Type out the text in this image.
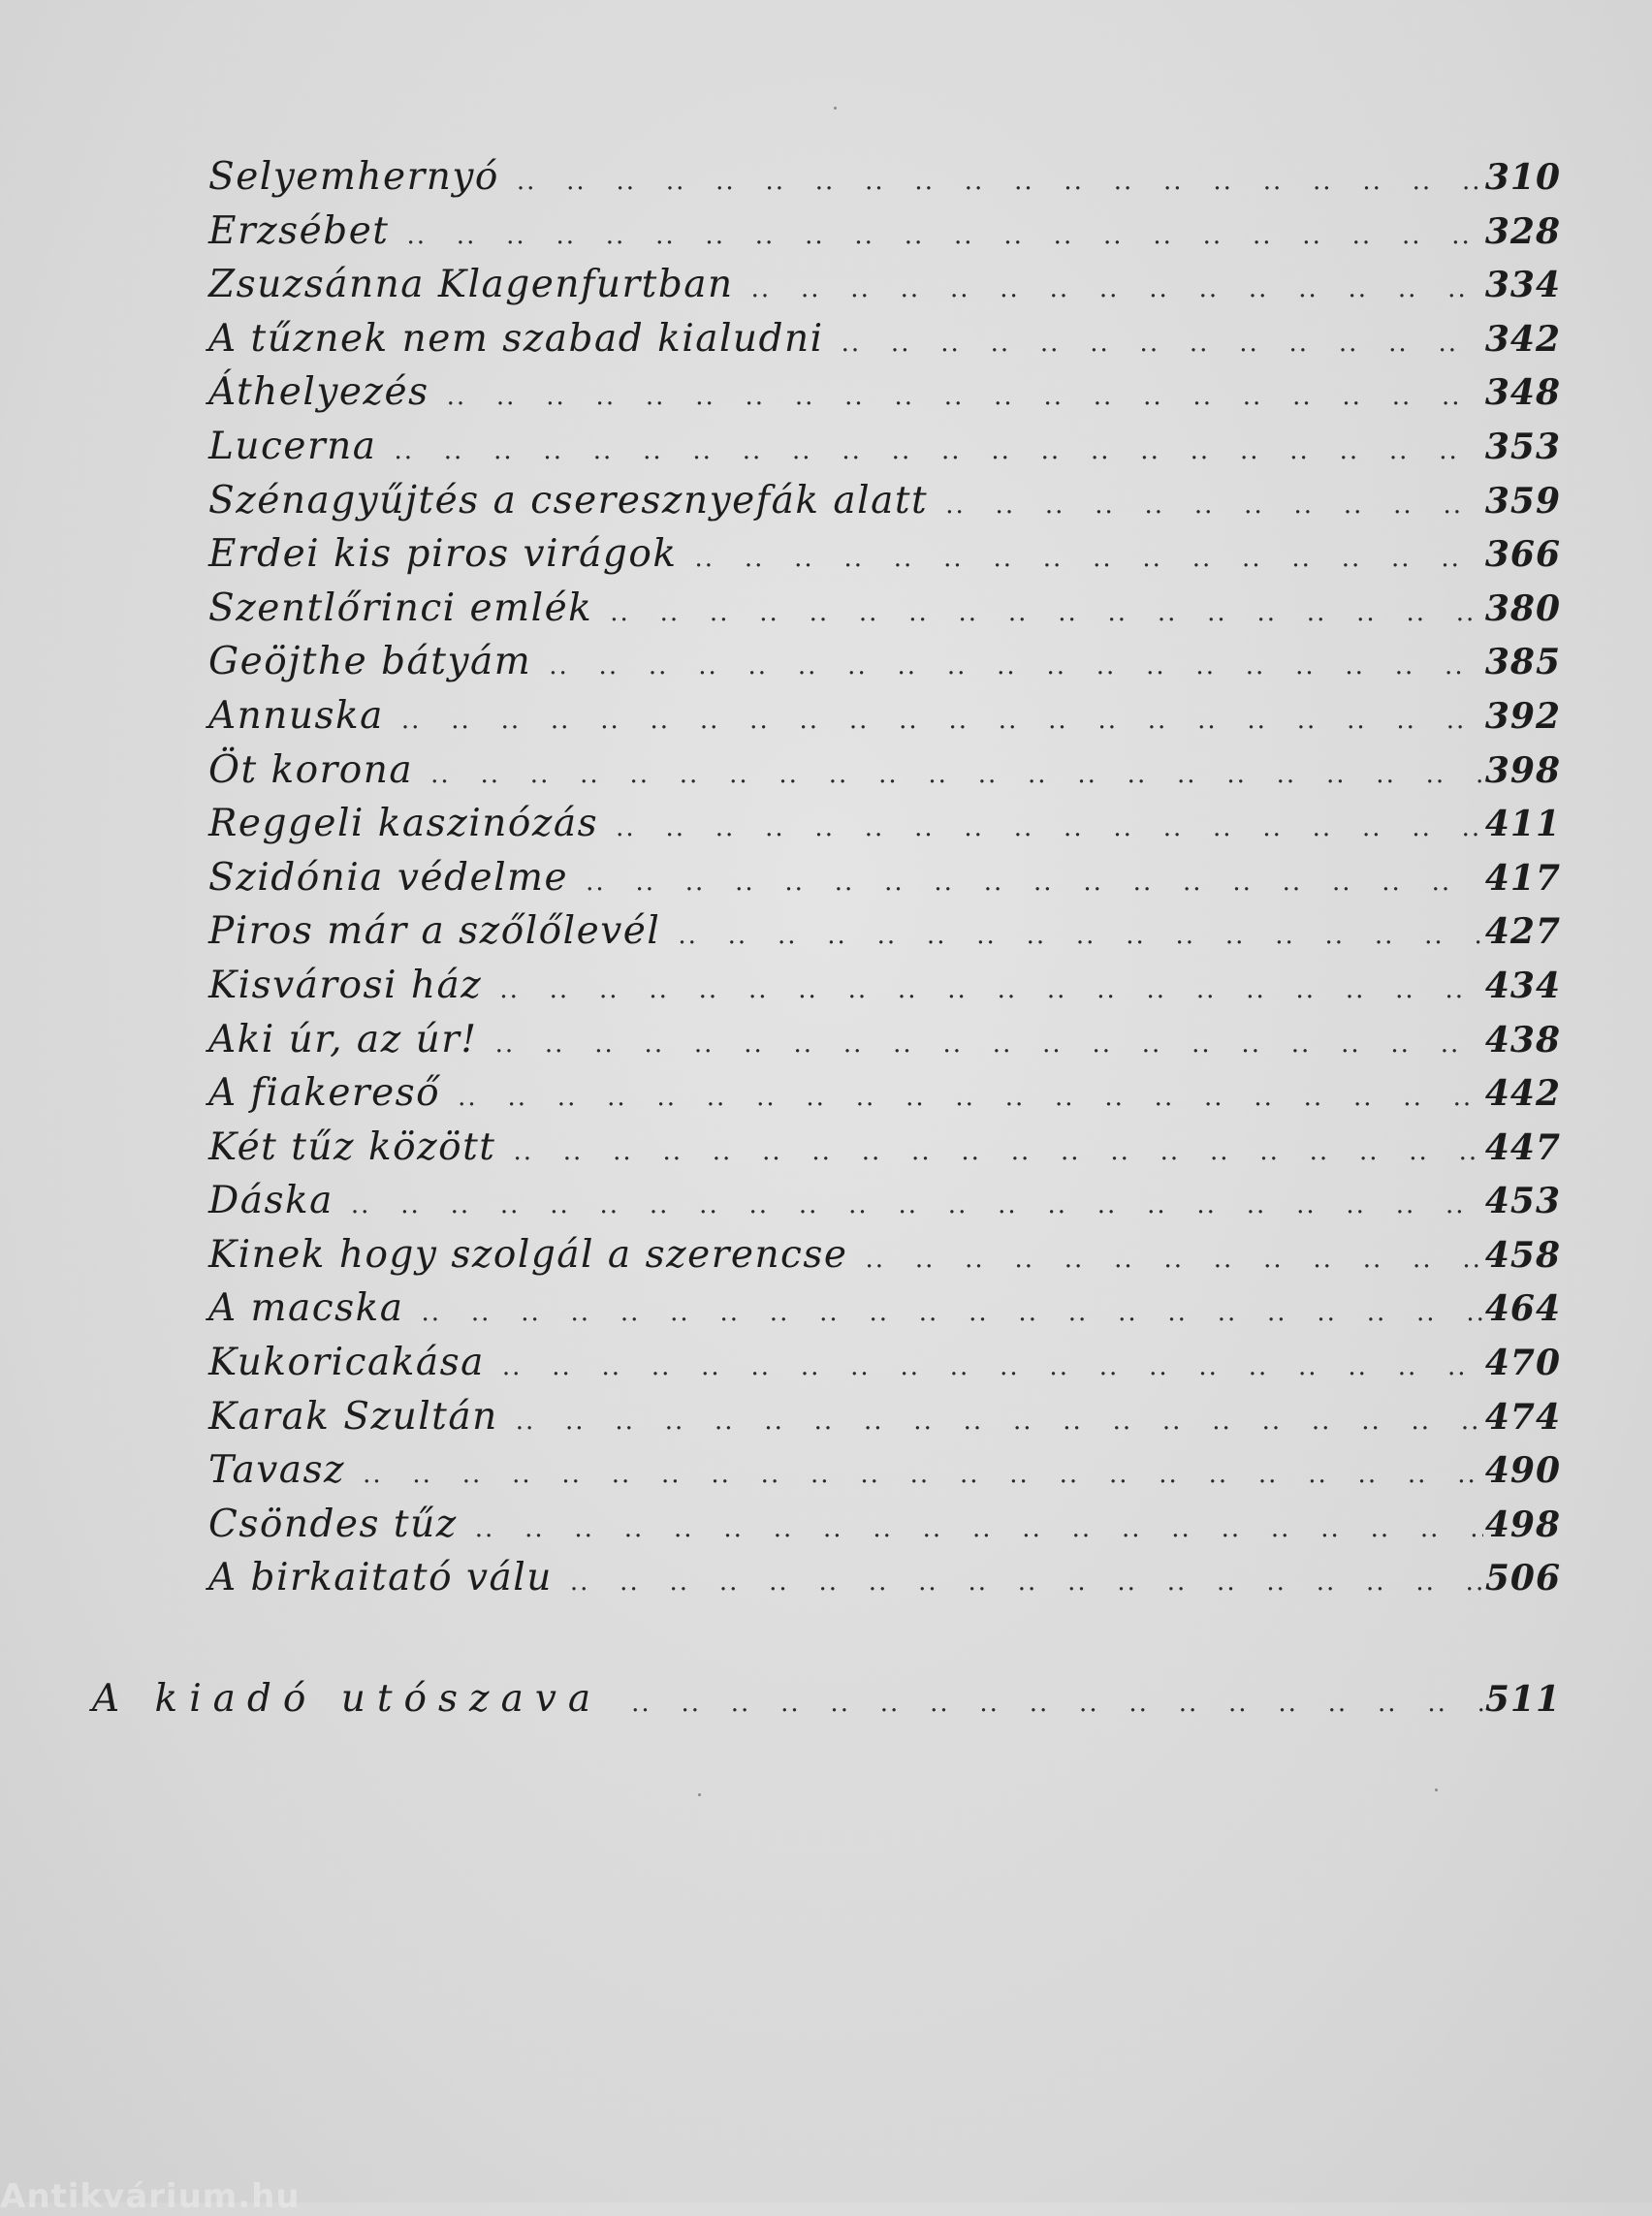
Selyemhernyó ..	310
Erzsébet ..	328
Zsuzsánna Klagenfurtban ..	334
A tűznek nem szabad kialudni ..	342
Áthelyezés ..	348
Lucerna ..	353
Szénagyűjtés a cseresznyefák alatt ..	359
Erdei kis piros virágok ..	366
Szentlőrinci emlék ..	380
Geöjthe bátyám ..	385
Annuska ..	392
Öt korona ..	398
Reggeli kaszinózás ..	411
Szidónia védelme ..	417
Piros már a szőlőlevél ..	427
Kisvárosi ház ..	434
Aki úr, az úr! ..	438
A fiakereső ..	442
Két tűz között ..	447
Dáska ..	453
Kinek hogy szolgál a szerencse ..	458
A macska ..	464
Kukoricakása ..	470
Karak Szultán ..	474
Tavasz ..	490
Csöndes tűz ..	498
A birkaitató válu ..	506
A kiadó utószava ..	511
Antikvárium.hu
